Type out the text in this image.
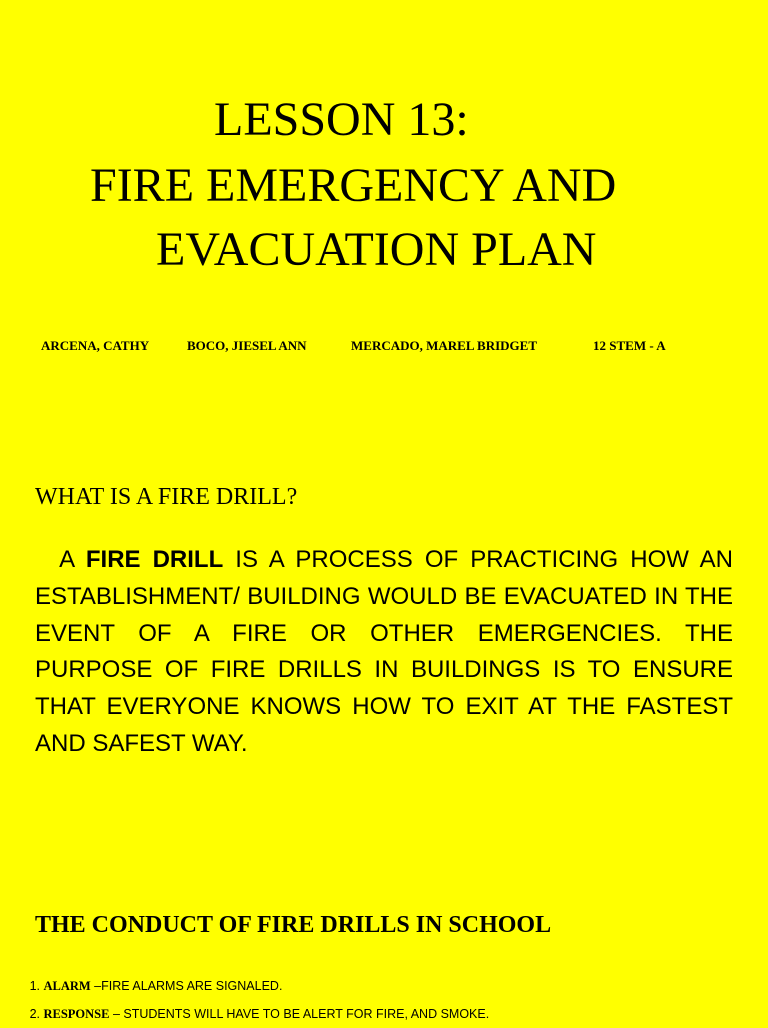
LESSON 13:
FIRE EMERGENCY AND
EVACUATION PLAN
ARCENA, CATHY	BOCO, JIESEL ANN	MERCADO, MAREL BRIDGET	12 STEM - A
WHAT IS A FIRE DRILL?
A FIRE DRILL IS A PROCESS OF PRACTICING HOW AN ESTABLISHMENT/ BUILDING WOULD BE EVACUATED IN THE EVENT OF A FIRE OR OTHER EMERGENCIES. THE PURPOSE OF FIRE DRILLS IN BUILDINGS IS TO ENSURE THAT EVERYONE KNOWS HOW TO EXIT AT THE FASTEST AND SAFEST WAY.
THE CONDUCT OF FIRE DRILLS IN SCHOOL
1. ALARM –FIRE ALARMS ARE SIGNALED.
2. RESPONSE – STUDENTS WILL HAVE TO BE ALERT FOR FIRE, AND SMOKE.
